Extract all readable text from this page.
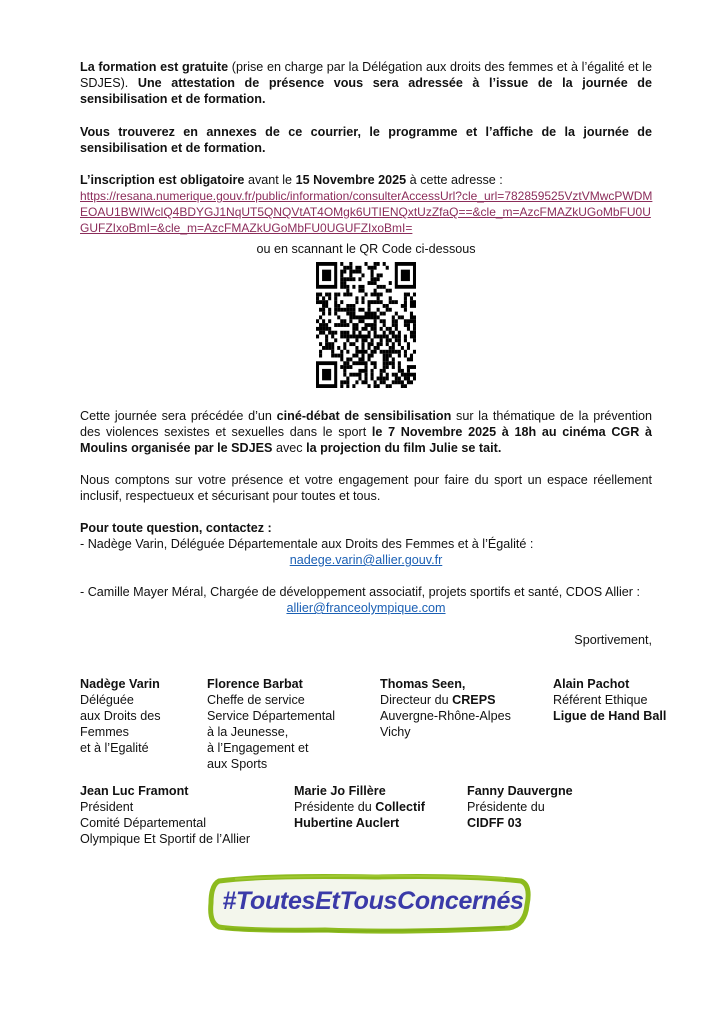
La formation est gratuite (prise en charge par la Délégation aux droits des femmes et à l’égalité et le SDJES). Une attestation de présence vous sera adressée à l’issue de la journée de sensibilisation et de formation.

Vous trouverez en annexes de ce courrier, le programme et l’affiche de la journée de sensibilisation et de formation.

L’inscription est obligatoire avant le 15 Novembre 2025 à cette adresse :

https://resana.numerique.gouv.fr/public/information/consulterAccessUrl?cle_url=782859525VztVMwcPWDMEOAU1BWIWclQ4BDYGJ1NqUT5QNQVtAT4OMgk6UTIENQxtUzZfaQ==&cle_m=AzcFMAZkUGoMbFU0UGUFZIxoBmI=&cle_m=AzcFMAZkUGoMbFU0UGUFZIxoBmI=

ou en scannant le QR Code ci-dessous

Cette journée sera précédée d’un ciné-débat de sensibilisation sur la thématique de la prévention des violences sexistes et sexuelles dans le sport le 7 Novembre 2025 à 18h au cinéma CGR à Moulins organisée par le SDJES avec la projection du film Julie se tait.

Nous comptons sur votre présence et votre engagement pour faire du sport un espace réellement inclusif, respectueux et sécurisant pour toutes et tous.

Pour toute question, contactez :

- Nadège Varin, Déléguée Départementale aux Droits des Femmes et à l’Égalité :

nadege.varin@allier.gouv.fr

- Camille Mayer Méral, Chargée de développement associatif, projets sportifs et santé, CDOS Allier :

allier@franceolympique.com

Sportivement,

Nadège Varin
Déléguée
aux Droits des
Femmes
et à l’Egalité
Florence Barbat
Cheffe de service
Service Départemental
à la Jeunesse,
à l’Engagement et
aux Sports
Thomas Seen,
Directeur du CREPS
Auvergne-Rhône-Alpes
Vichy
Alain Pachot
Référent Ethique
Ligue de Hand Ball
Jean Luc Framont
Président
Comité Départemental
Olympique Et Sportif de l’Allier
Marie Jo Fillère
Présidente du Collectif
Hubertine Auclert
Fanny Dauvergne
Présidente du
CIDFF 03
#ToutesEtTousConcernés
